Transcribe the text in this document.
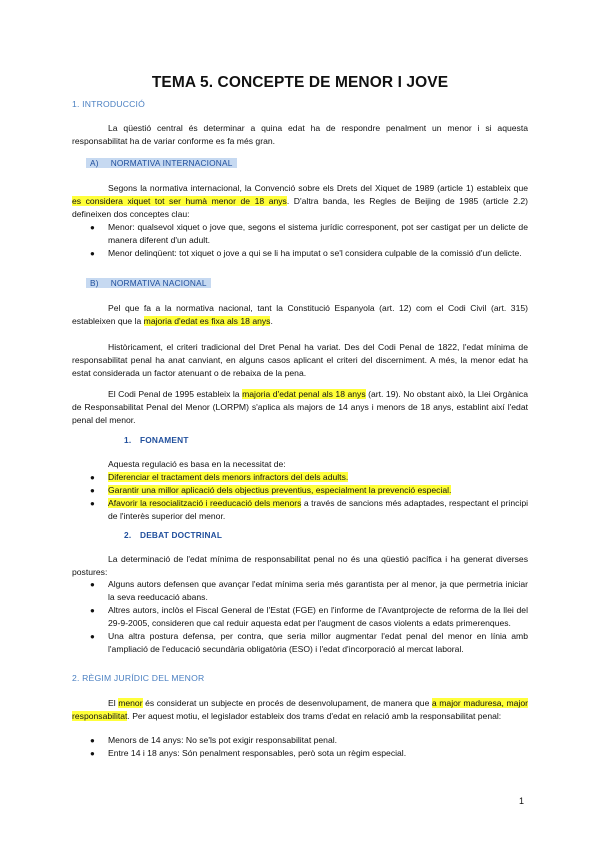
TEMA 5. CONCEPTE DE MENOR I JOVE
1. INTRODUCCIÓ

La qüestió central és determinar a quina edat ha de respondre penalment un menor i si aquesta responsabilitat ha de variar conforme es fa més gran.

A) NORMATIVA INTERNACIONAL

Segons la normativa internacional, la Convenció sobre els Drets del Xiquet de 1989 (article 1) estableix que es considera xiquet tot ser humà menor de 18 anys. D'altra banda, les Regles de Beijing de 1985 (article 2.2) defineixen dos conceptes clau:

● Menor: qualsevol xiquet o jove que, segons el sistema jurídic corresponent, pot ser castigat per un delicte de manera diferent d'un adult.
● Menor delinqüent: tot xiquet o jove a qui se li ha imputat o se'l considera culpable de la comissió d'un delicte.
B) NORMATIVA NACIONAL

Pel que fa a la normativa nacional, tant la Constitució Espanyola (art. 12) com el Codi Civil (art. 315) estableixen que la majoria d'edat es fixa als 18 anys.

Històricament, el criteri tradicional del Dret Penal ha variat. Des del Codi Penal de 1822, l'edat mínima de responsabilitat penal ha anat canviant, en alguns casos aplicant el criteri del discerniment. A més, la menor edat ha estat considerada un factor atenuant o de rebaixa de la pena.

El Codi Penal de 1995 estableix la majoria d'edat penal als 18 anys (art. 19). No obstant això, la Llei Orgànica de Responsabilitat Penal del Menor (LORPM) s'aplica als majors de 14 anys i menors de 18 anys, establint així l'edat penal del menor.

1. FONAMENT

Aquesta regulació es basa en la necessitat de:

● Diferenciar el tractament dels menors infractors del dels adults.
● Garantir una millor aplicació dels objectius preventius, especialment la prevenció especial.
● Afavorir la resocialització i reeducació dels menors a través de sancions més adaptades, respectant el principi de l'interès superior del menor.
2. DEBAT DOCTRINAL

La determinació de l'edat mínima de responsabilitat penal no és una qüestió pacífica i ha generat diverses postures:

● Alguns autors defensen que avançar l'edat mínima seria més garantista per al menor, ja que permetria iniciar la seva reeducació abans.
● Altres autors, inclòs el Fiscal General de l'Estat (FGE) en l'informe de l'Avantprojecte de reforma de la llei del 29-9-2005, consideren que cal reduir aquesta edat per l'augment de casos violents a edats primerenques.
● Una altra postura defensa, per contra, que seria millor augmentar l'edat penal del menor en línia amb l'ampliació de l'educació secundària obligatòria (ESO) i l'edat d'incorporació al mercat laboral.
2. RÈGIM JURÍDIC DEL MENOR

El menor és considerat un subjecte en procés de desenvolupament, de manera que a major maduresa, major responsabilitat. Per aquest motiu, el legislador estableix dos trams d'edat en relació amb la responsabilitat penal:

● Menors de 14 anys: No se'ls pot exigir responsabilitat penal.
● Entre 14 i 18 anys: Són penalment responsables, però sota un règim especial.
1
